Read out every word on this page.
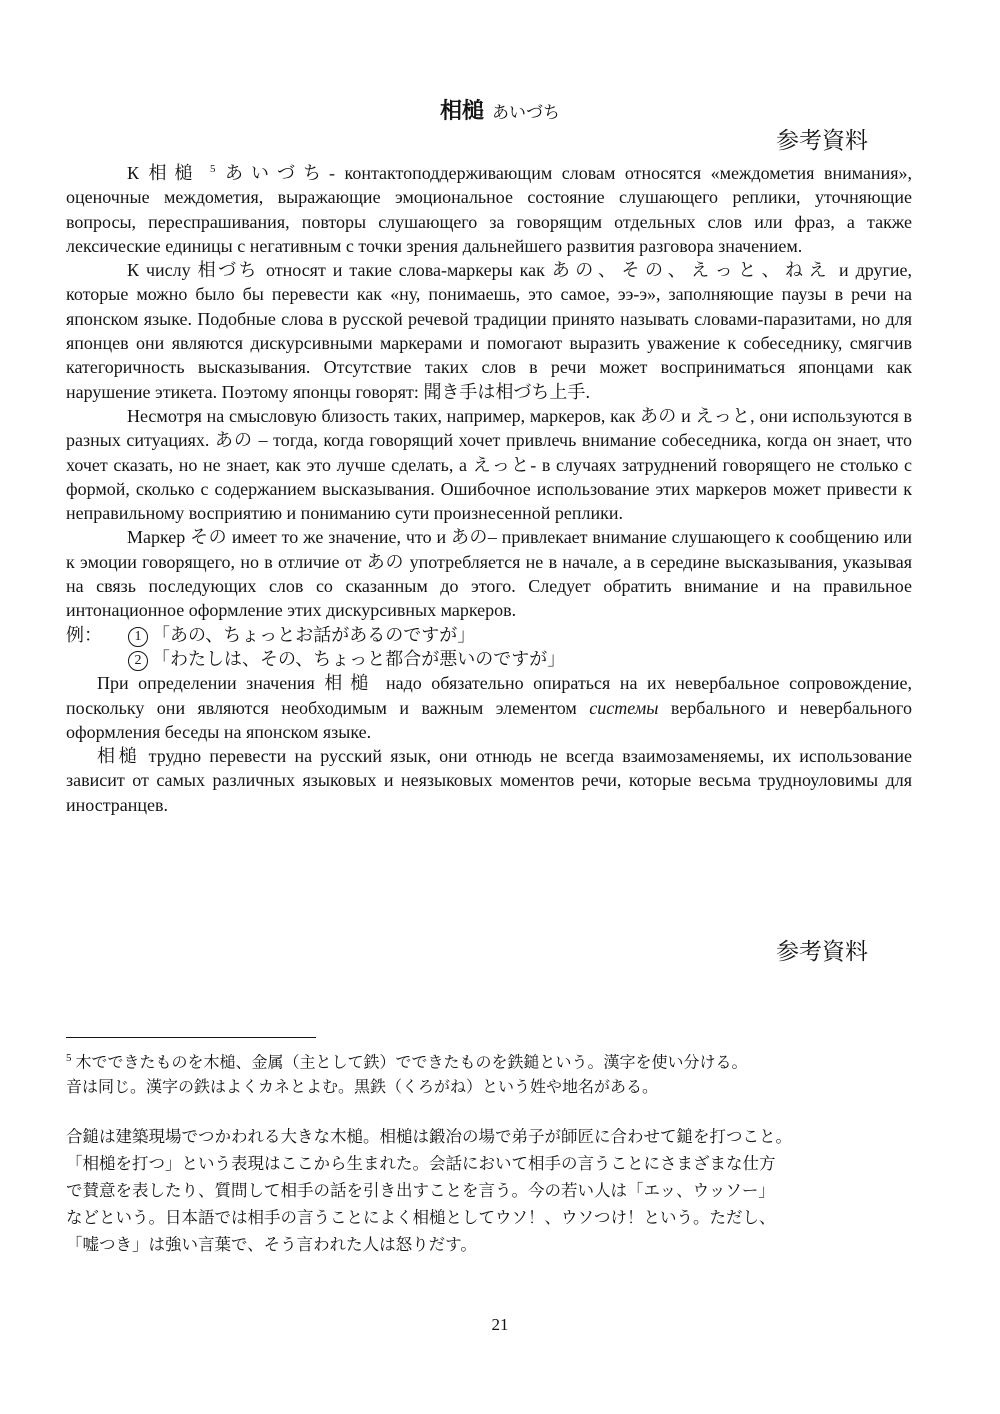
相槌 あいづち
参考資料

К 相槌 $^5$ あいづち- контактоподдерживающим словам относятся «междометия внимания», оценочные междометия, выражающие эмоциональное состояние слушающего реплики, уточняющие вопросы, переспрашивания, повторы слушающего за говорящим отдельных слов или фраз, а также лексические единицы с негативным с точки зрения дальнейшего развития разговора значением.

К числу 相づち относят и такие слова-маркеры как あの、その、えっと、ねえ и другие, которые можно было бы перевести как «ну, понимаешь, это самое, ээ-э», заполняющие паузы в речи на японском языке. Подобные слова в русской речевой традиции принято называть словами-паразитами, но для японцев они являются дискурсивными маркерами и помогают выразить уважение к собеседнику, смягчив категоричность высказывания. Отсутствие таких слов в речи может восприниматься японцами как нарушение этикета. Поэтому японцы говорят: 聞き手は相づち上手.

Несмотря на смысловую близость таких, например, маркеров, как あの и えっと, они используются в разных ситуациях. あの – тогда, когда говорящий хочет привлечь внимание собеседника, когда он знает, что хочет сказать, но не знает, как это лучше сделать, а えっと- в случаях затруднений говорящего не столько с формой, сколько с содержанием высказывания. Ошибочное использование этих маркеров может привести к неправильному восприятию и пониманию сути произнесенной реплики.

Маркер その имеет то же значение, что и あの– привлекает внимание слушающего к сообщению или к эмоции говорящего, но в отличие от あの употребляется не в начале, а в середине высказывания, указывая на связь последующих слов со сказанным до этого. Следует обратить внимание и на правильное интонационное оформление этих дискурсивных маркеров.

例： 1 「あの、ちょっとお話があるのですが」

2 「わたしは、その、ちょっと都合が悪いのですが」

При определении значения 相槌 надо обязательно опираться на их невербальное сопровождение, поскольку они являются необходимым и важным элементом системы вербального и невербального оформления беседы на японском языке.

相槌 трудно перевести на русский язык, они отнюдь не всегда взаимозаменяемы, их использование зависит от самых различных языковых и неязыковых моментов речи, которые весьма трудноуловимы для иностранцев.

参考資料

$^5$ 木でできたものを木槌、金属（主として鉄）でできたものを鉄鎚という。漢字を使い分ける。

音は同じ。漢字の鉄はよくカネとよむ。黒鉄（くろがね）という姓や地名がある。

合鎚は建築現場でつかわれる大きな木槌。相槌は鍛冶の場で弟子が師匠に合わせて鎚を打つこと。

「相槌を打つ」という表現はここから生まれた。会話において相手の言うことにさまざまな仕方

で賛意を表したり、質問して相手の話を引き出すことを言う。今の若い人は「エッ、ウッソー」

などという。日本語では相手の言うことによく相槌としてウソ！、ウソつけ！という。ただし、

「嘘つき」は強い言葉で、そう言われた人は怒りだす。

21
